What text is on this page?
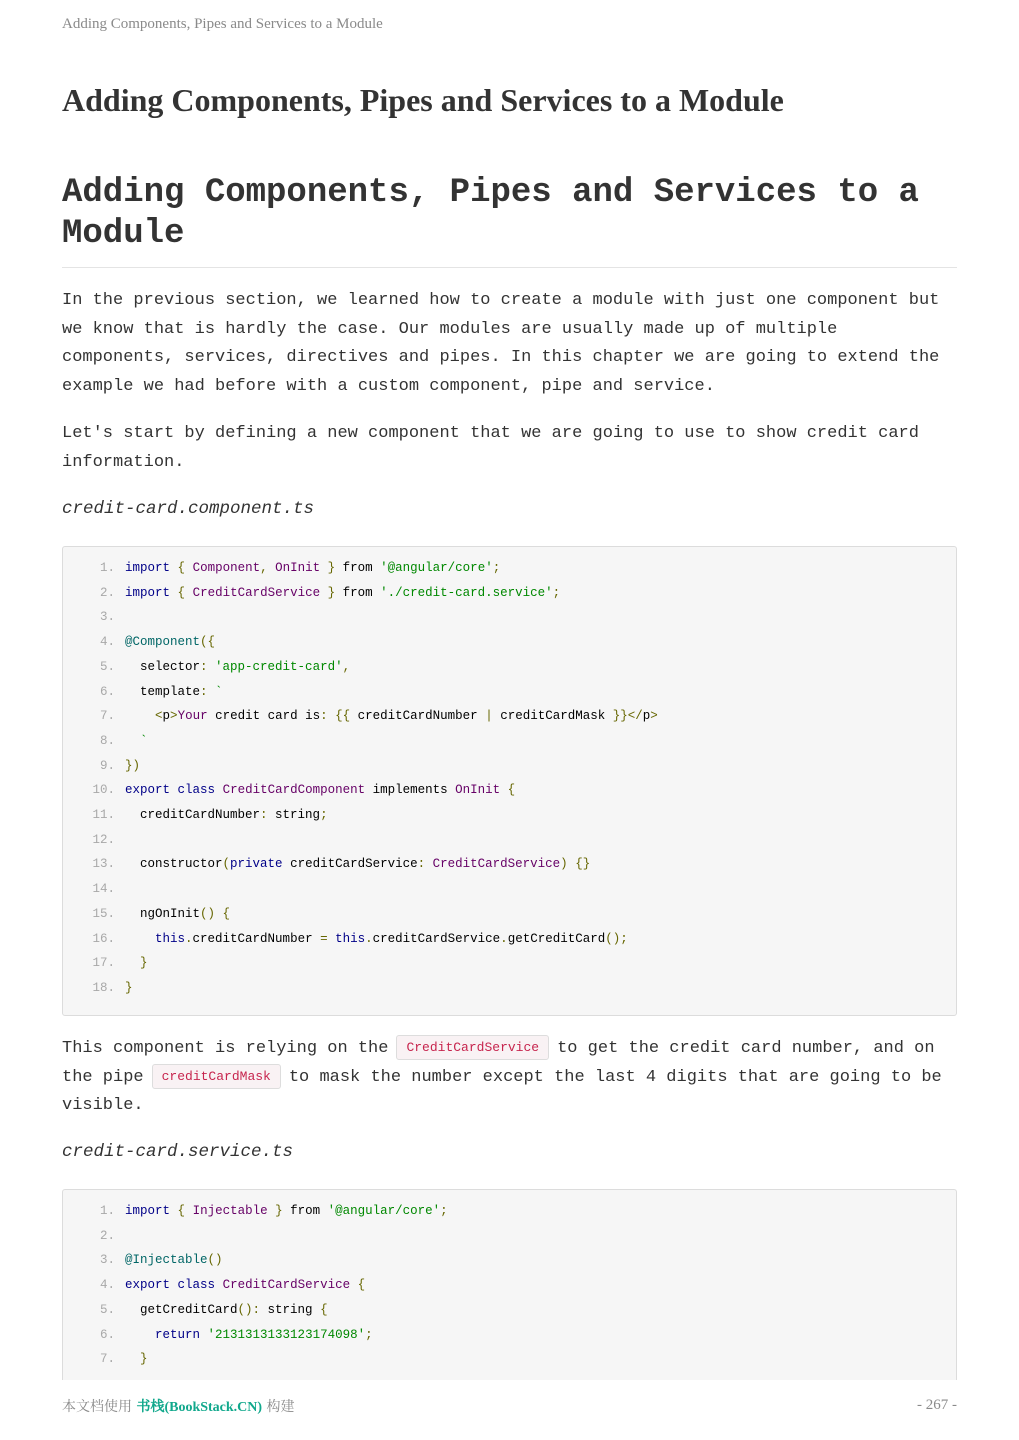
Adding Components, Pipes and Services to a Module
Adding Components, Pipes and Services to a Module
Adding Components, Pipes and Services to a Module

In the previous section, we learned how to create a module with just one component but we know that is hardly the case. Our modules are usually made up of multiple components, services, directives and pipes. In this chapter we are going to extend the example we had before with a custom component, pipe and service.

Let's start by defining a new component that we are going to use to show credit card information.

credit-card.component.ts
1. import { Component, OnInit } from '@angular/core';
2. import { CreditCardService } from './credit-card.service';
3.
4. @Component({
5. selector: 'app-credit-card',
6. template: `
7.	<p>Your credit card is: {{ creditCardNumber | creditCardMask }}</p>
8.	`
9. })
10. export class CreditCardComponent implements OnInit {
11. creditCardNumber: string;
12.
13. constructor(private creditCardService: CreditCardService) {}
14.
15. ngOnInit() {
16.	this.creditCardNumber = this.creditCardService.getCreditCard();
17.	}
18. }

This component is relying on the CreditCardService to get the credit card number, and on the pipe creditCardMask to mask the number except the last 4 digits that are going to be visible.

credit-card.service.ts
1. import { Injectable } from '@angular/core';
2.
3. @Injectable()
4. export class CreditCardService {
5. getCreditCard(): string {
6.	return '2131313133123174098';
7.	}
本文档使用 书栈(BookStack.CN) 构建	- 267 -
